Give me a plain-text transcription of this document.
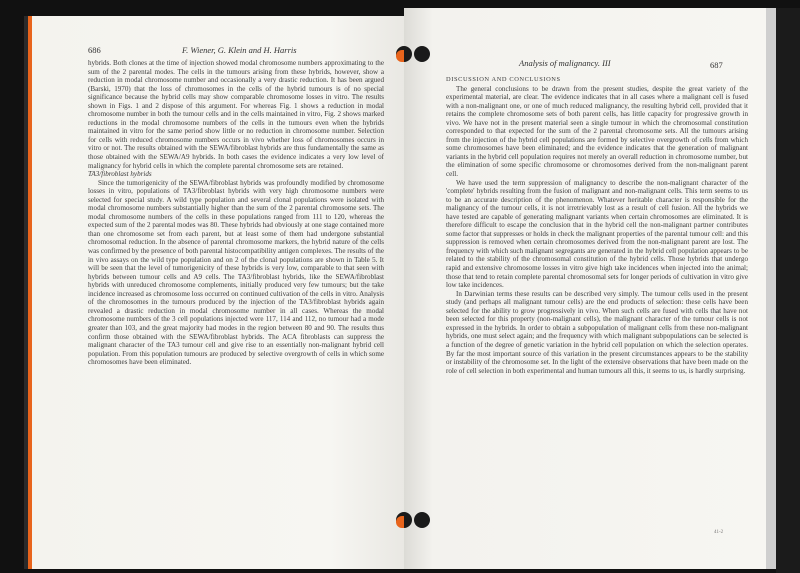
686	F. Wiener, G. Klein and H. Harris

hybrids. Both clones at the time of injection showed modal chromosome numbers approximating to the sum of the 2 parental modes. The cells in the tumours arising from these hybrids, however, show a reduction in modal chromosome number and occasionally a very drastic reduction. It has been argued (Barski, 1970) that the loss of chromosomes in the cells of the hybrid tumours is of no special significance because the hybrid cells may show comparable chromosome losses in vitro. The results shown in Figs. 1 and 2 dispose of this argument. For whereas Fig. 1 shows a reduction in modal chromosome number in both the tumour cells and in the cells maintained in vitro, Fig. 2 shows marked reductions in the modal chromosome numbers of the cells in the tumours even when the hybrids maintained in vitro for the same period show little or no reduction in chromosome number. Selection for cells with reduced chromosome numbers occurs in vivo whether loss of chromosomes occurs in vitro or not. The results obtained with the SEWA/fibroblast hybrids are thus fundamentally the same as those obtained with the SEWA/A9 hybrids. In both cases the evidence indicates a very low level of malignancy for hybrid cells in which the complete parental chromosome sets are retained.

TA3/fibroblast hybrids

Since the tumorigenicity of the SEWA/fibroblast hybrids was profoundly modified by chromosome losses in vitro, populations of TA3/fibroblast hybrids with very high chromosome numbers were selected for special study. A wild type population and several clonal populations were isolated with modal chromosome numbers substantially higher than the sum of the 2 parental chromosome sets. The modal chromosome numbers of the cells in these populations ranged from 111 to 120, whereas the expected sum of the 2 parental modes was 80. These hybrids had obviously at one stage contained more than one chromosome set from each parent, but at least some of them had undergone substantial chromosomal reduction. In the absence of parental chromosome markers, the hybrid nature of the cells was confirmed by the presence of both parental histocompatibility antigen complexes. The results of the in vivo assays on the wild type population and on 2 of the clonal populations are shown in Table 5. It will be seen that the level of tumorigenicity of these hybrids is very low, comparable to that seen with hybrids between tumour cells and A9 cells. The TA3/fibroblast hybrids, like the SEWA/fibroblast hybrids with unreduced chromosome complements, initially produced very few tumours; but the take incidence increased as chromosome loss occurred on continued cultivation of the cells in vitro. Analysis of the chromosomes in the tumours produced by the injection of the TA3/fibroblast hybrids again revealed a drastic reduction in modal chromosome number in all cases. Whereas the modal chromosome numbers of the 3 cell populations injected were 117, 114 and 112, no tumour had a mode greater than 103, and the great majority had modes in the region between 80 and 90. The results thus confirm those obtained with the SEWA/fibroblast hybrids. The ACA fibroblasts can suppress the malignant character of the TA3 tumour cell and give rise to an essentially non-malignant hybrid cell population. From this population tumours are produced by selective overgrowth of cells in which some chromosomes have been eliminated.

Analysis of malignancy. III	687

DISCUSSION AND CONCLUSIONS

The general conclusions to be drawn from the present studies, despite the great variety of the experimental material, are clear. The evidence indicates that in all cases where a malignant cell is fused with a non-malignant one, or one of much reduced malignancy, the resulting hybrid cell, provided that it retains the complete chromosome sets of both parent cells, has little capacity for progressive growth in vivo. We have not in the present material seen a single tumour in which the chromosomal constitution corresponded to that expected for the sum of the 2 parental chromosome sets. All the tumours arising from the injection of the hybrid cell populations are formed by selective overgrowth of cells from which some chromosomes have been eliminated; and the evidence indicates that the generation of malignant variants in the hybrid cell population requires not merely an overall reduction in chromosome number, but the elimination of some specific chromosome or chromosomes derived from the non-malignant parent cell.

We have used the term suppression of malignancy to describe the non-malignant character of the 'complete' hybrids resulting from the fusion of malignant and non-malignant cells. This term seems to us to be an accurate description of the phenomenon. Whatever heritable character is responsible for the malignancy of the tumour cells, it is not irretrievably lost as a result of cell fusion. All the hybrids we have tested are capable of generating malignant variants when certain chromosomes are eliminated. It is therefore difficult to escape the conclusion that in the hybrid cell the non-malignant partner contributes some factor that suppresses or holds in check the malignant properties of the parental tumour cell: and this suppression is removed when certain chromosomes derived from the non-malignant parent are lost. The frequency with which such malignant segregants are generated in the hybrid cell population appears to be related to the stability of the chromosomal constitution of the hybrid cells. Those hybrids that undergo rapid and extensive chromosome losses in vitro give high take incidences when injected into the animal; those that tend to retain complete parental chromosomal sets for longer periods of cultivation in vitro give low take incidences.

In Darwinian terms these results can be described very simply. The tumour cells used in the present study (and perhaps all malignant tumour cells) are the end products of selection: these cells have been selected for the ability to grow progressively in vivo. When such cells are fused with cells that have not been selected for this property (non-malignant cells), the malignant character of the tumour cells is not expressed in the hybrids. In order to obtain a subpopulation of malignant cells from these non-malignant hybrids, one must select again; and the frequency with which malignant subpopulations can be selected is a function of the degree of genetic variation in the hybrid cell population on which the selection operates. By far the most important source of this variation in the present circumstances appears to be the stability or instability of the chromosome set. In the light of the extensive observations that have been made on the role of cell selection in both experimental and human tumours all this, it seems to us, is hardly surprising.

41-2
